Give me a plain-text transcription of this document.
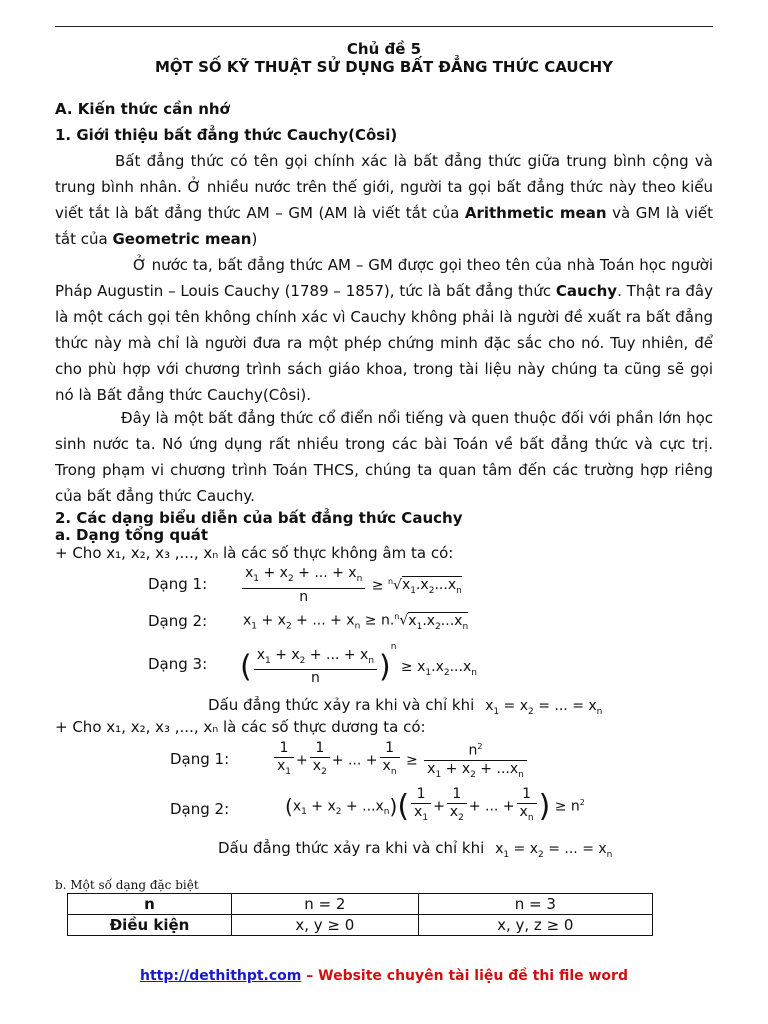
Chủ đề 5
MỘT SỐ KỸ THUẬT SỬ DỤNG BẤT ĐẲNG THỨC CAUCHY
A. Kiến thức cần nhớ
1. Giới thiệu bất đẳng thức Cauchy(Côsi)
Bất đẳng thức có tên gọi chính xác là bất đẳng thức giữa trung bình cộng và trung bình nhân. Ở nhiều nước trên thế giới, người ta gọi bất đẳng thức này theo kiểu viết tắt là bất đẳng thức AM – GM (AM là viết tắt của Arithmetic mean và GM là viết tắt của Geometric mean)
Ở nước ta, bất đẳng thức AM – GM được gọi theo tên của nhà Toán học người Pháp Augustin – Louis Cauchy (1789 – 1857), tức là bất đẳng thức Cauchy. Thật ra đây là một cách gọi tên không chính xác vì Cauchy không phải là người đề xuất ra bất đẳng thức này mà chỉ là người đưa ra một phép chứng minh đặc sắc cho nó. Tuy nhiên, để cho phù hợp với chương trình sách giáo khoa, trong tài liệu này chúng ta cũng sẽ gọi nó là Bất đẳng thức Cauchy(Côsi).
Đây là một bất đẳng thức cổ điển nổi tiếng và quen thuộc đối với phần lớn học sinh nước ta. Nó ứng dụng rất nhiều trong các bài Toán về bất đẳng thức và cực trị. Trong phạm vi chương trình Toán THCS, chúng ta quan tâm đến các trường hợp riêng của bất đẳng thức Cauchy.
2. Các dạng biểu diễn của bất đẳng thức Cauchy
a. Dạng tổng quát
+ Cho x₁, x₂, x₃ ,..., xₙ là các số thực không âm ta có:
Dạng 1: $\frac{x_1 + x_2 + ... + x_n}{n} \ge ^n√x_1.x_2...x_n$
Dạng 2:	$x_1 + x_2$ + ... + $x_n \ge n.^n√x_1.x_2...x_n$
Dạng 3: ( $\frac{x_1 + x_2 + ... + x_n}{n} )^n \ge x_1.x_2...x_n$
Dấu đẳng thức xảy ra khi và chỉ khi $x_1 = x_2$ = ... = $x_n$
+ Cho x₁, x₂, x₃ ,..., xₙ là các số thực dương ta có:
Dạng 1:	$\frac{1}{x_1} + \frac{1}{x_2}$ + ... + $\frac{1}{x_n} \ge \frac{n^2}{x_1 + x_2 + ...x_n}$
Dạng 2:	$(x_1 + x_2 + ...x_n)( \frac{1}{x_1} + \frac{1}{x_2}$ + ... + $\frac{1}{x_n}$ ) ≥ $n^2$
Dấu đẳng thức xảy ra khi và chỉ khi $x_1 = x_2$ = ... = $x_n$
b. Một số dạng đặc biệt
n	n = 2	n = 3
Điều kiện	x, y ≥ 0	x, y, z ≥ 0
http://dethithpt.com – Website chuyên tài liệu đề thi file word
